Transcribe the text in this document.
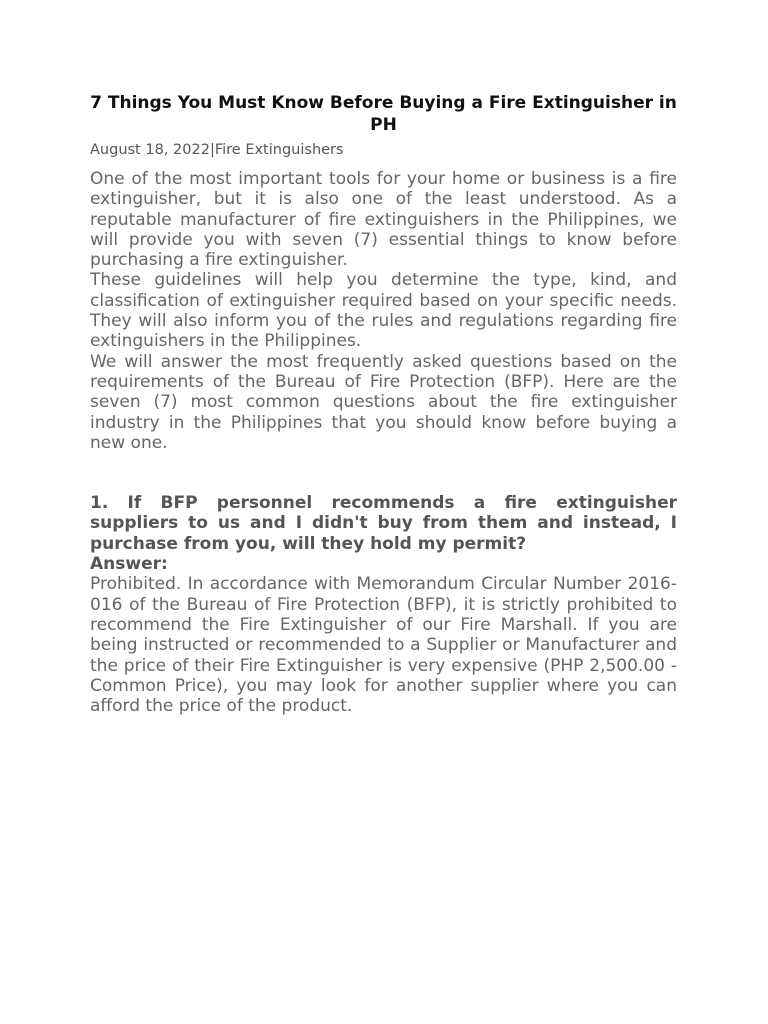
7 Things You Must Know Before Buying a Fire Extinguisher in PH
August 18, 2022|Fire Extinguishers

One of the most important tools for your home or business is a fire extinguisher, but it is also one of the least understood. As a reputable manufacturer of fire extinguishers in the Philippines, we will provide you with seven (7) essential things to know before purchasing a fire extinguisher.

These guidelines will help you determine the type, kind, and classification of extinguisher required based on your specific needs. They will also inform you of the rules and regulations regarding fire extinguishers in the Philippines.

We will answer the most frequently asked questions based on the requirements of the Bureau of Fire Protection (BFP). Here are the seven (7) most common questions about the fire extinguisher industry in the Philippines that you should know before buying a new one.

1. If BFP personnel recommends a fire extinguisher suppliers to us and I didn't buy from them and instead, I purchase from you, will they hold my permit?

Answer:

Prohibited. In accordance with Memorandum Circular Number 2016-016 of the Bureau of Fire Protection (BFP), it is strictly prohibited to recommend the Fire Extinguisher of our Fire Marshall. If you are being instructed or recommended to a Supplier or Manufacturer and the price of their Fire Extinguisher is very expensive (PHP 2,500.00 - Common Price), you may look for another supplier where you can afford the price of the product.
